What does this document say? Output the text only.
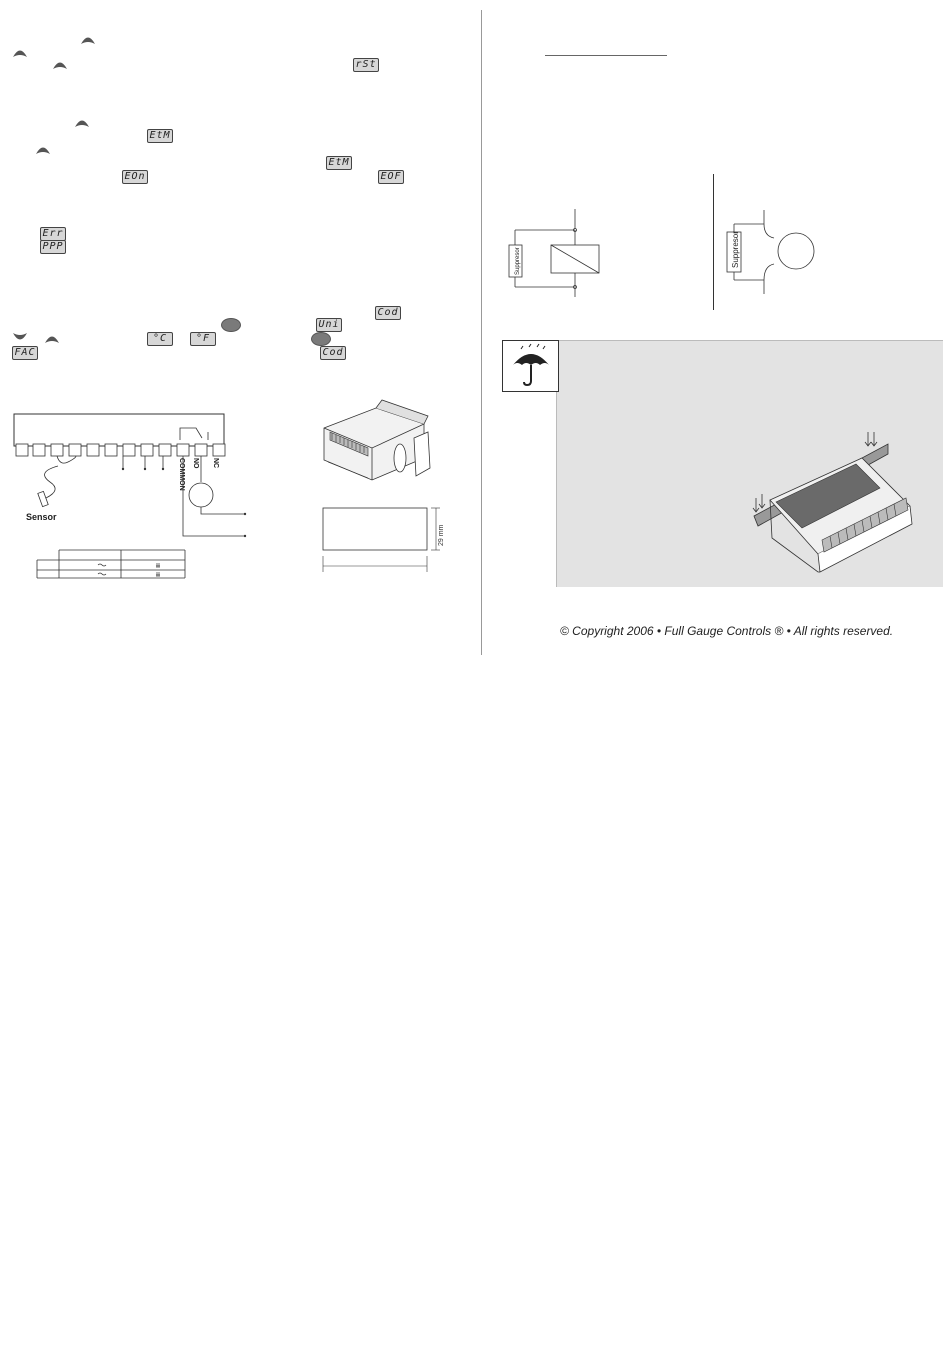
rSt
EtM
EtM
EOn	EOF
Err
PPP
Cod
Uni
°C	°F
FAC	Cod
COMMON NO NC
Sensor
29 mm
Suppresor	Suppresor
© Copyright 2006 • Full Gauge Controls ® • All rights reserved.
